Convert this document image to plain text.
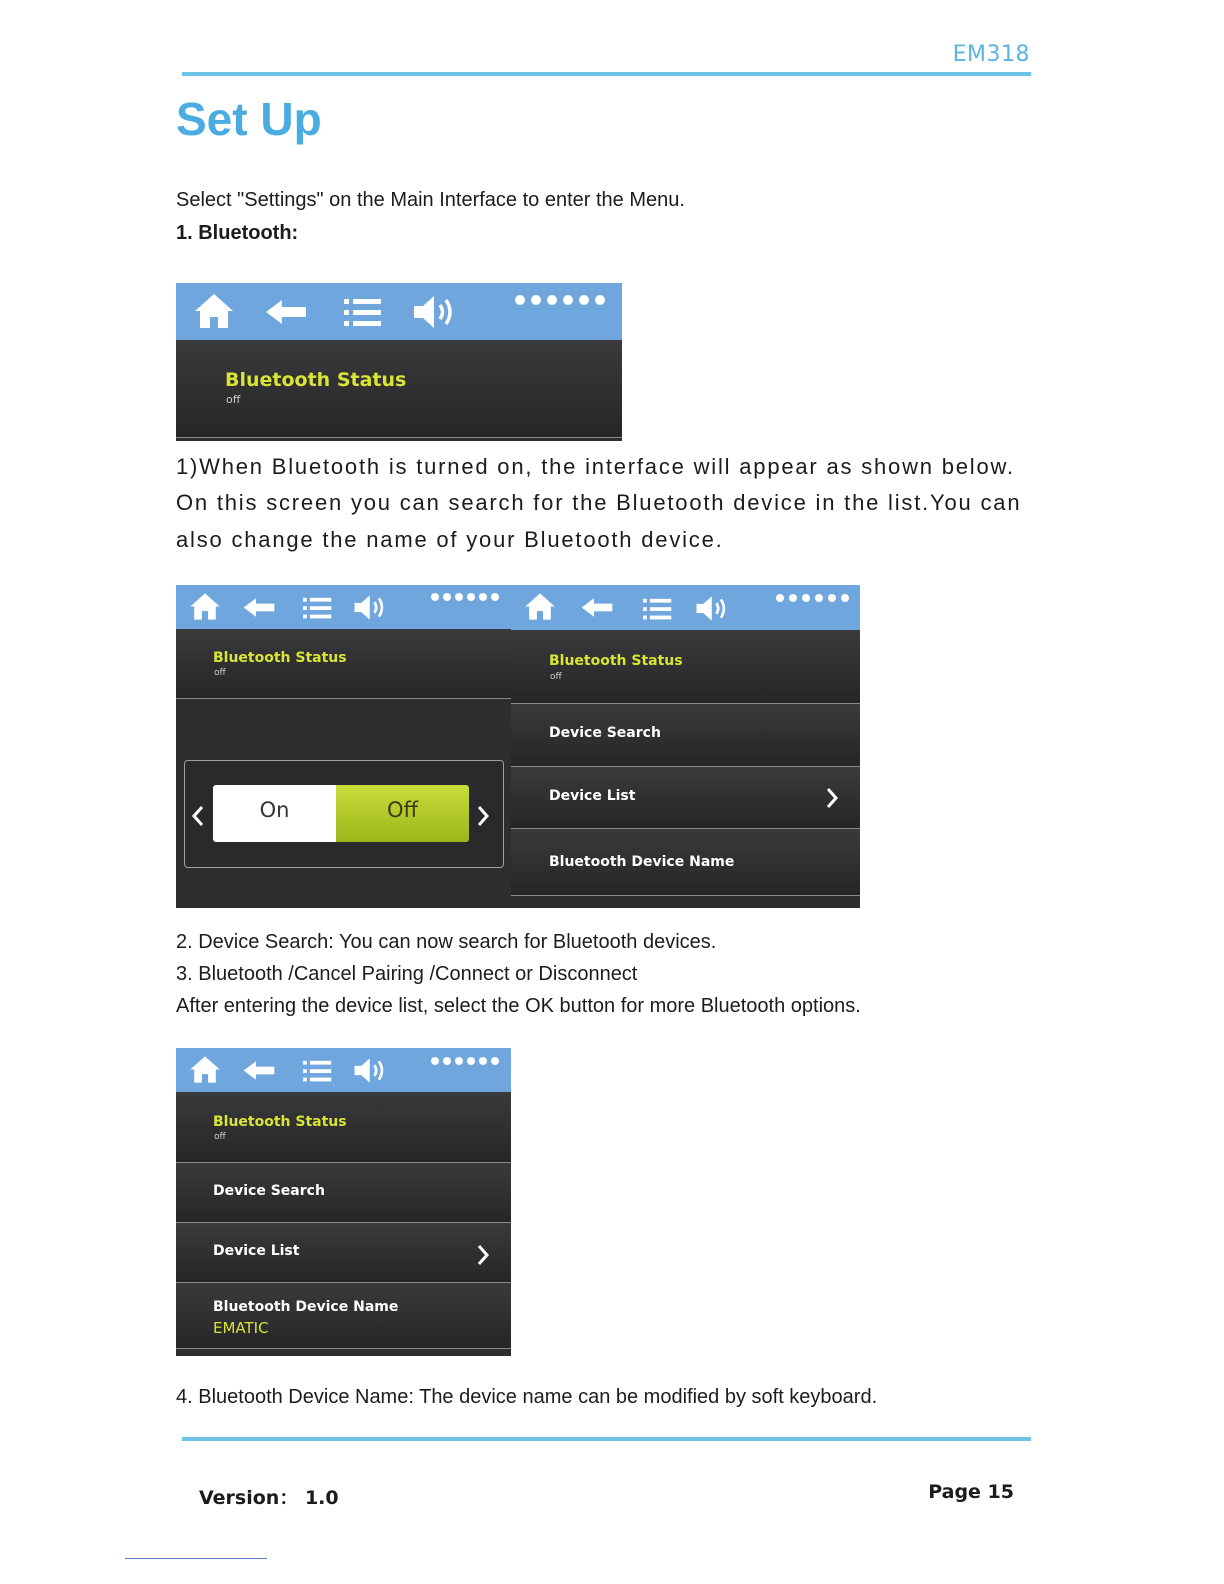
EM318
Set Up

Select "Settings" on the Main Interface to enter the Menu.

1. Bluetooth:

Bluetooth Status
off

1)When Bluetooth is turned on, the interface will appear as shown below.

On this screen you can search for the Bluetooth device in the list.You can

also change the name of your Bluetooth device.

Bluetooth Status
off
On	Off
Bluetooth Status
off
Device Search
Device List
Bluetooth Device Name

2. Device Search: You can now search for Bluetooth devices.

3. Bluetooth /Cancel Pairing /Connect or Disconnect

After entering the device list, select the OK button for more Bluetooth options.

Bluetooth Status
off
Device Search
Device List
Bluetooth Device Name
EMATIC

4. Bluetooth Device Name: The device name can be modified by soft keyboard.

Version： 1.0	Page 15
